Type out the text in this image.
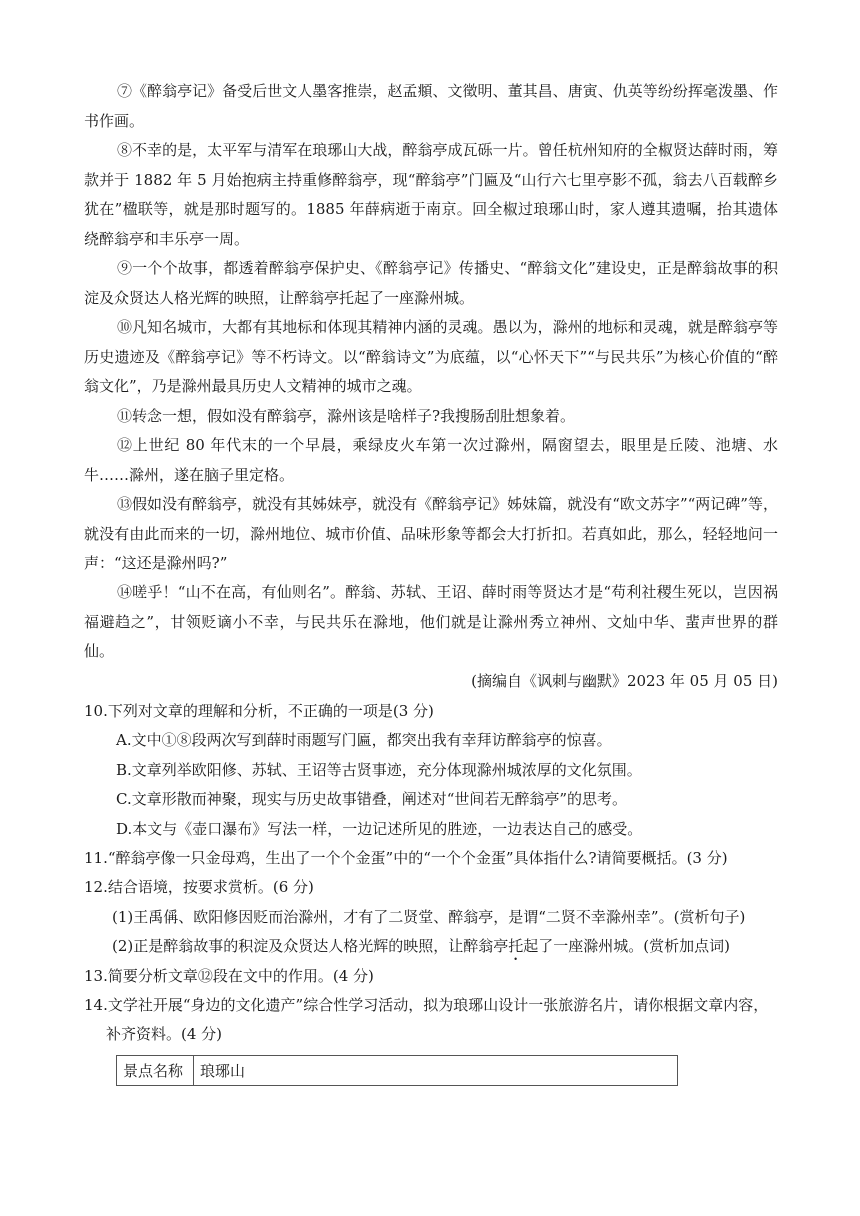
⑦《醉翁亭记》备受后世文人墨客推崇，赵孟頫、文徵明、董其昌、唐寅、仇英等纷纷挥毫泼墨、作书作画。

⑧不幸的是，太平军与清军在琅琊山大战，醉翁亭成瓦砾一片。曾任杭州知府的全椒贤达薛时雨，筹款并于 1882 年 5 月始抱病主持重修醉翁亭，现“醉翁亭”门匾及“山行六七里亭影不孤，翁去八百载醉乡犹在”楹联等，就是那时题写的。1885 年薛病逝于南京。回全椒过琅琊山时，家人遵其遗嘱，抬其遗体绕醉翁亭和丰乐亭一周。

⑨一个个故事，都透着醉翁亭保护史、《醉翁亭记》传播史、“醉翁文化”建设史，正是醉翁故事的积淀及众贤达人格光辉的映照，让醉翁亭托起了一座滁州城。

⑩凡知名城市，大都有其地标和体现其精神内涵的灵魂。愚以为，滁州的地标和灵魂，就是醉翁亭等历史遗迹及《醉翁亭记》等不朽诗文。以“醉翁诗文”为底蕴，以“心怀天下”“与民共乐”为核心价值的“醉翁文化”，乃是滁州最具历史人文精神的城市之魂。

⑪转念一想，假如没有醉翁亭，滁州该是啥样子?我搜肠刮肚想象着。

⑫上世纪 80 年代末的一个早晨，乘绿皮火车第一次过滁州，隔窗望去，眼里是丘陵、池塘、水牛……滁州，遂在脑子里定格。

⑬假如没有醉翁亭，就没有其姊妹亭，就没有《醉翁亭记》姊妹篇，就没有“欧文苏字”“两记碑”等，就没有由此而来的一切，滁州地位、城市价值、品味形象等都会大打折扣。若真如此，那么，轻轻地问一声：“这还是滁州吗?”

⑭嗟乎！“山不在高，有仙则名”。醉翁、苏轼、王诏、薛时雨等贤达才是“苟利社稷生死以，岂因祸福避趋之”，甘领贬谪小不幸，与民共乐在滁地，他们就是让滁州秀立神州、文灿中华、蜚声世界的群仙。

(摘编自《讽刺与幽默》2023 年 05 月 05 日)

10.下列对文章的理解和分析，不正确的一项是(3 分)

A.文中①⑧段两次写到薛时雨题写门匾，都突出我有幸拜访醉翁亭的惊喜。

B.文章列举欧阳修、苏轼、王诏等古贤事迹，充分体现滁州城浓厚的文化氛围。

C.文章形散而神聚，现实与历史故事错叠，阐述对“世间若无醉翁亭”的思考。

D.本文与《壶口瀑布》写法一样，一边记述所见的胜迹，一边表达自己的感受。

11.“醉翁亭像一只金母鸡，生出了一个个金蛋”中的“一个个金蛋”具体指什么?请简要概括。(3 分)

12.结合语境，按要求赏析。(6 分)

(1)王禹偁、欧阳修因贬而治滁州，才有了二贤堂、醉翁亭，是谓“二贤不幸滁州幸”。(赏析句子)

(2)正是醉翁故事的积淀及众贤达人格光辉的映照，让醉翁亭托起了一座滁州城。(赏析加点词)

13.简要分析文章⑫段在文中的作用。(4 分)

14.文学社开展“身边的文化遗产”综合性学习活动，拟为琅琊山设计一张旅游名片，请你根据文章内容，
补齐资料。(4 分)
景点名称	琅琊山
